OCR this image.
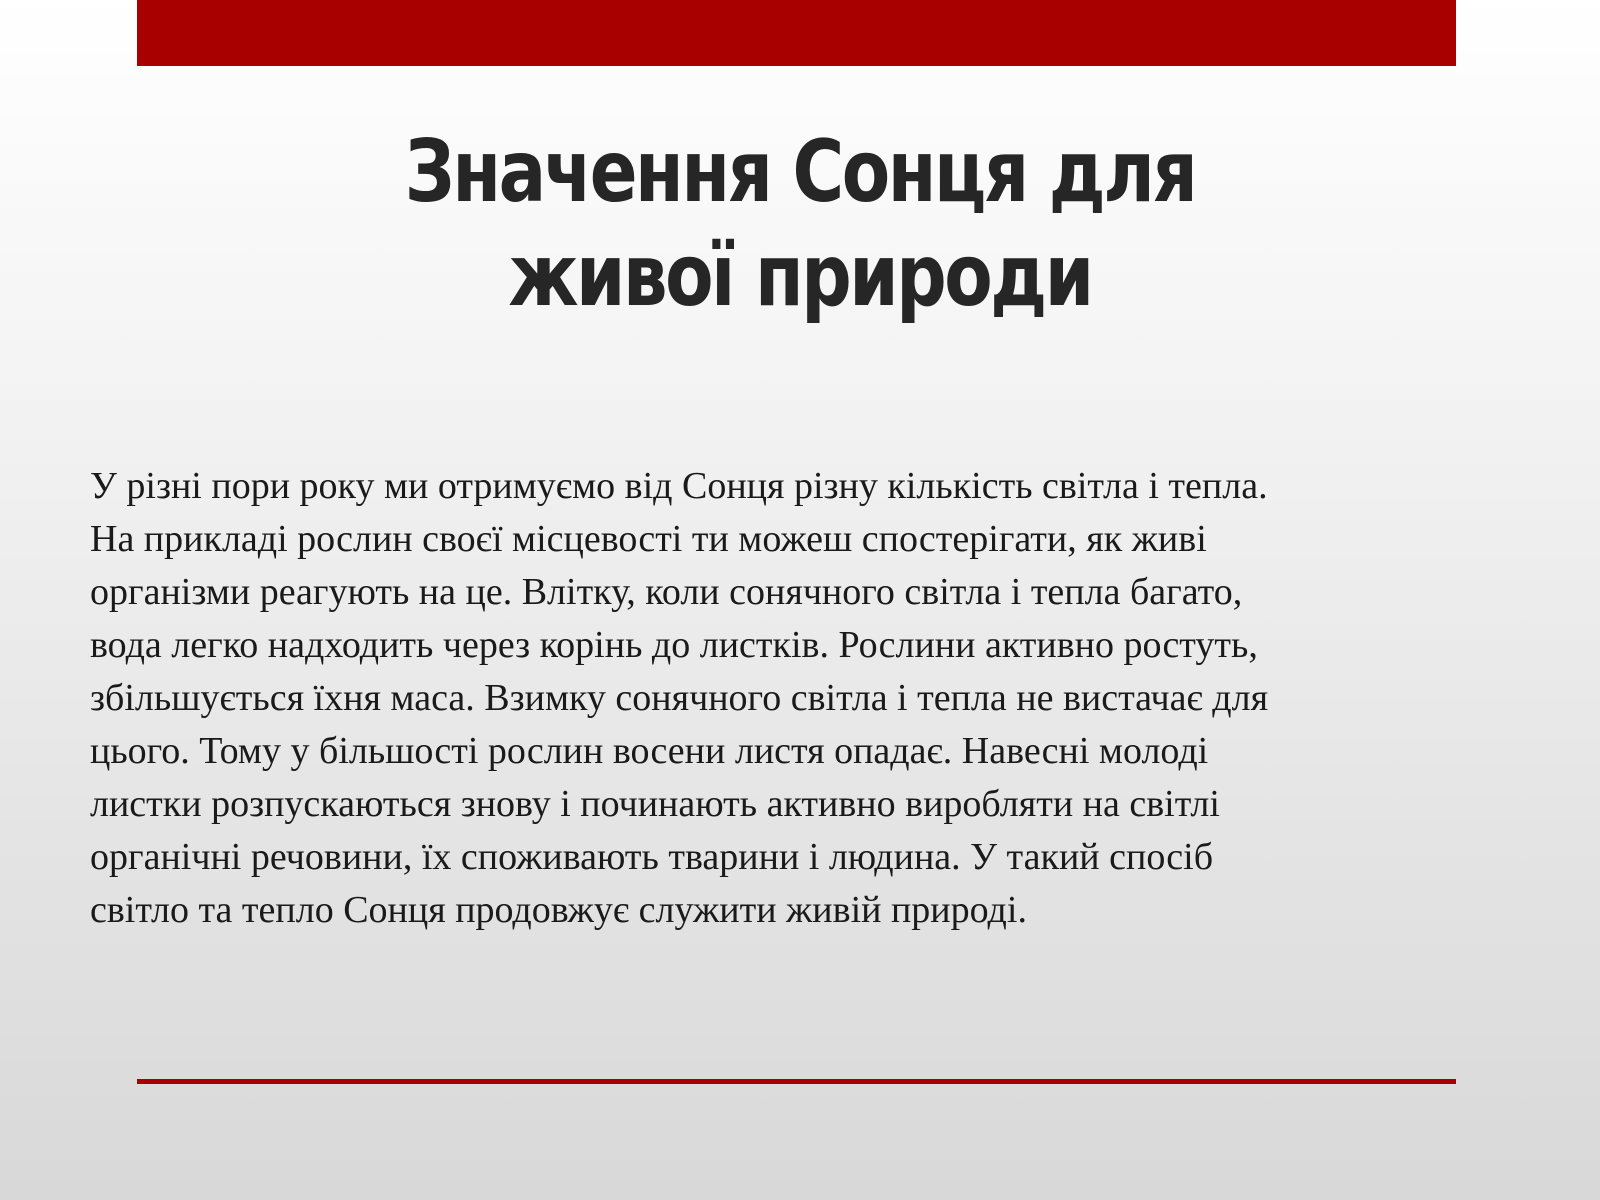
Значення Сонця для живої природи

У різні пори року ми отримуємо від Сонця різну кількість світла і тепла.
На прикладі рослин своєї місцевості ти можеш спостерігати, як живі
організми реагують на це. Влітку, коли сонячного світла і тепла багато,
вода легко надходить через корінь до листків. Рослини активно ростуть,
збільшується їхня маса. Взимку сонячного світла і тепла не вистачає для
цього. Тому у більшості рослин восени листя опадає. Навесні молоді
листки розпускаються знову і починають активно виробляти на світлі
органічні речовини, їх споживають тварини і людина. У такий спосіб
світло та тепло Сонця продовжує служити живій природі.
